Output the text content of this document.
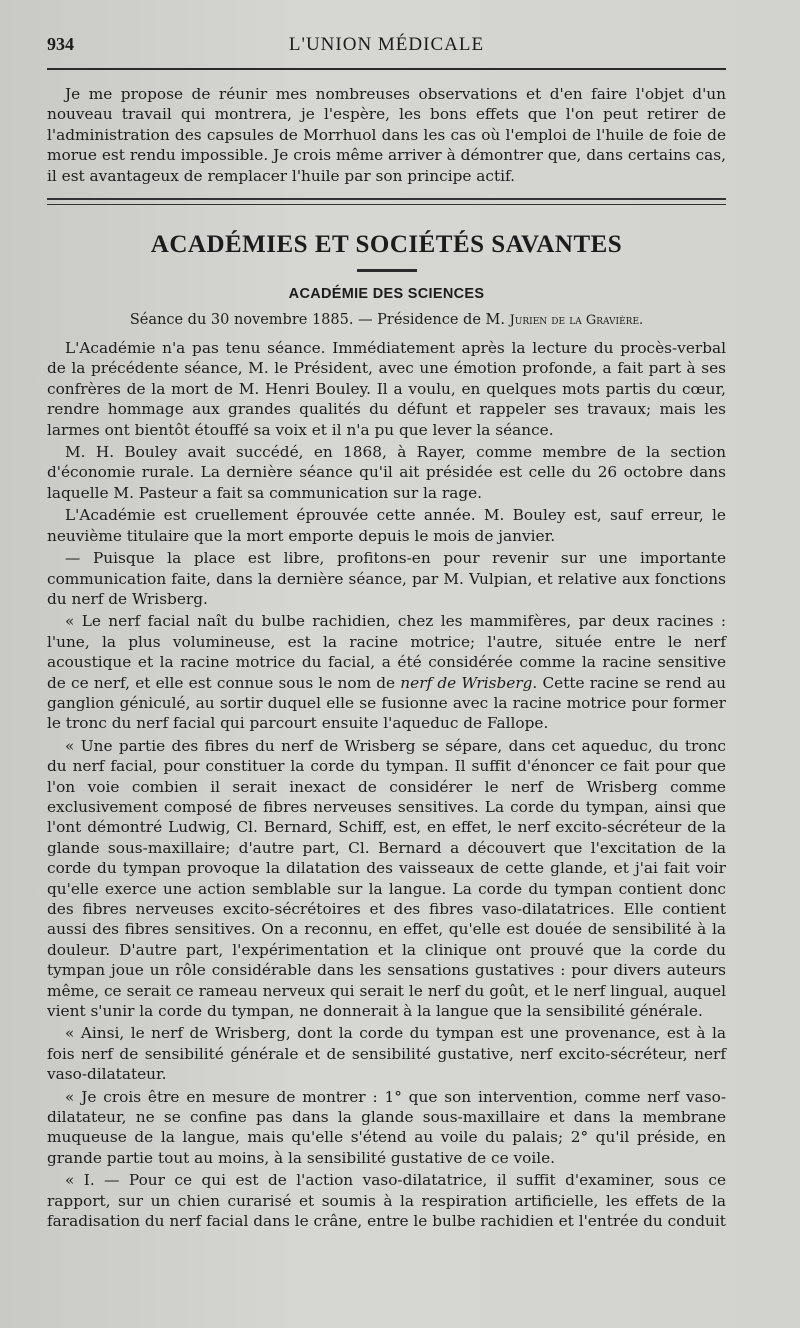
934	L'UNION MÉDICALE

Je me propose de réunir mes nombreuses observations et d'en faire l'objet d'un nouveau travail qui montrera, je l'espère, les bons effets que l'on peut retirer de l'administration des capsules de Morrhuol dans les cas où l'emploi de l'huile de foie de morue est rendu impossible. Je crois même arriver à démontrer que, dans certains cas, il est avantageux de remplacer l'huile par son principe actif.

ACADÉMIES ET SOCIÉTÉS SAVANTES
ACADÉMIE DES SCIENCES
Séance du 30 novembre 1885. — Présidence de M. Jurien de la Gravière.

L'Académie n'a pas tenu séance. Immédiatement après la lecture du procès-verbal de la précédente séance, M. le Président, avec une émotion profonde, a fait part à ses confrères de la mort de M. Henri Bouley. Il a voulu, en quelques mots partis du cœur, rendre hommage aux grandes qualités du défunt et rappeler ses travaux; mais les larmes ont bientôt étouffé sa voix et il n'a pu que lever la séance.

M. H. Bouley avait succédé, en 1868, à Rayer, comme membre de la section d'économie rurale. La dernière séance qu'il ait présidée est celle du 26 octobre dans laquelle M. Pasteur a fait sa communication sur la rage.

L'Académie est cruellement éprouvée cette année. M. Bouley est, sauf erreur, le neuvième titulaire que la mort emporte depuis le mois de janvier.

— Puisque la place est libre, profitons-en pour revenir sur une importante communication faite, dans la dernière séance, par M. Vulpian, et relative aux fonctions du nerf de Wrisberg.

« Le nerf facial naît du bulbe rachidien, chez les mammifères, par deux racines : l'une, la plus volumineuse, est la racine motrice; l'autre, située entre le nerf acoustique et la racine motrice du facial, a été considérée comme la racine sensitive de ce nerf, et elle est connue sous le nom de nerf de Wrisberg. Cette racine se rend au ganglion géniculé, au sortir duquel elle se fusionne avec la racine motrice pour former le tronc du nerf facial qui parcourt ensuite l'aqueduc de Fallope.

« Une partie des fibres du nerf de Wrisberg se sépare, dans cet aqueduc, du tronc du nerf facial, pour constituer la corde du tympan. Il suffit d'énoncer ce fait pour que l'on voie combien il serait inexact de considérer le nerf de Wrisberg comme exclusivement composé de fibres nerveuses sensitives. La corde du tympan, ainsi que l'ont démontré Ludwig, Cl. Bernard, Schiff, est, en effet, le nerf excito-sécréteur de la glande sous-maxillaire; d'autre part, Cl. Bernard a découvert que l'excitation de la corde du tympan provoque la dilatation des vaisseaux de cette glande, et j'ai fait voir qu'elle exerce une action semblable sur la langue. La corde du tympan contient donc des fibres nerveuses excito-sécrétoires et des fibres vaso-dilatatrices. Elle contient aussi des fibres sensitives. On a reconnu, en effet, qu'elle est douée de sensibilité à la douleur. D'autre part, l'expérimentation et la clinique ont prouvé que la corde du tympan joue un rôle considérable dans les sensations gustatives : pour divers auteurs même, ce serait ce rameau nerveux qui serait le nerf du goût, et le nerf lingual, auquel vient s'unir la corde du tympan, ne donnerait à la langue que la sensibilité générale.

« Ainsi, le nerf de Wrisberg, dont la corde du tympan est une provenance, est à la fois nerf de sensibilité générale et de sensibilité gustative, nerf excito-sécréteur, nerf vaso-dilatateur.

« Je crois être en mesure de montrer : 1° que son intervention, comme nerf vaso-dilatateur, ne se confine pas dans la glande sous-maxillaire et dans la membrane muqueuse de la langue, mais qu'elle s'étend au voile du palais; 2° qu'il préside, en grande partie tout au moins, à la sensibilité gustative de ce voile.

« I. — Pour ce qui est de l'action vaso-dilatatrice, il suffit d'examiner, sous ce rapport, sur un chien curarisé et soumis à la respiration artificielle, les effets de la faradisation du nerf facial dans le crâne, entre le bulbe rachidien et l'entrée du conduit
